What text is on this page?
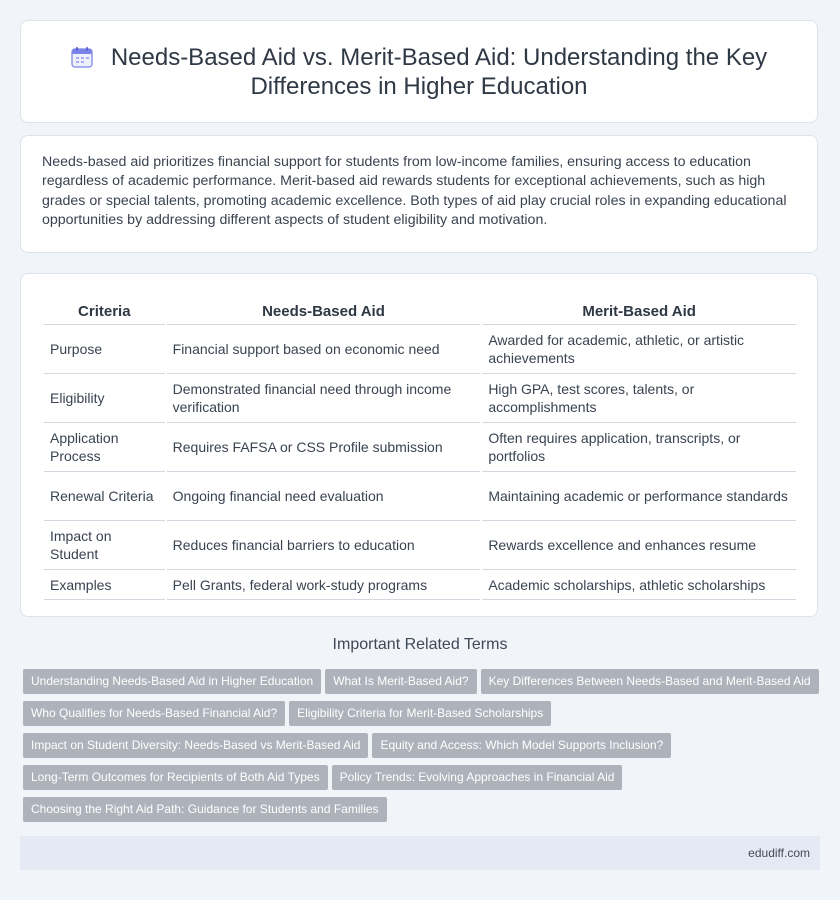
Needs-Based Aid vs. Merit-Based Aid: Understanding the Key Differences in Higher Education

Needs-based aid prioritizes financial support for students from low-income families, ensuring access to education regardless of academic performance. Merit-based aid rewards students for exceptional achievements, such as high grades or special talents, promoting academic excellence. Both types of aid play crucial roles in expanding educational opportunities by addressing different aspects of student eligibility and motivation.

Criteria	Needs-Based Aid	Merit-Based Aid
Purpose	Financial support based on economic need	Awarded for academic, athletic, or artistic achievements
Eligibility	Demonstrated financial need through income verification	High GPA, test scores, talents, or accomplishments
Application Process	Requires FAFSA or CSS Profile submission	Often requires application, transcripts, or portfolios
Renewal Criteria	Ongoing financial need evaluation	Maintaining academic or performance standards
Impact on Student	Reduces financial barriers to education	Rewards excellence and enhances resume
Examples	Pell Grants, federal work-study programs	Academic scholarships, athletic scholarships
Important Related Terms
Understanding Needs-Based Aid in Higher Education What Is Merit-Based Aid? Key Differences Between Needs-Based and Merit-Based Aid
Who Qualifies for Needs-Based Financial Aid? Eligibility Criteria for Merit-Based Scholarships
Impact on Student Diversity: Needs-Based vs Merit-Based Aid Equity and Access: Which Model Supports Inclusion?
Long-Term Outcomes for Recipients of Both Aid Types Policy Trends: Evolving Approaches in Financial Aid
Choosing the Right Aid Path: Guidance for Students and Families
edudiff.com
